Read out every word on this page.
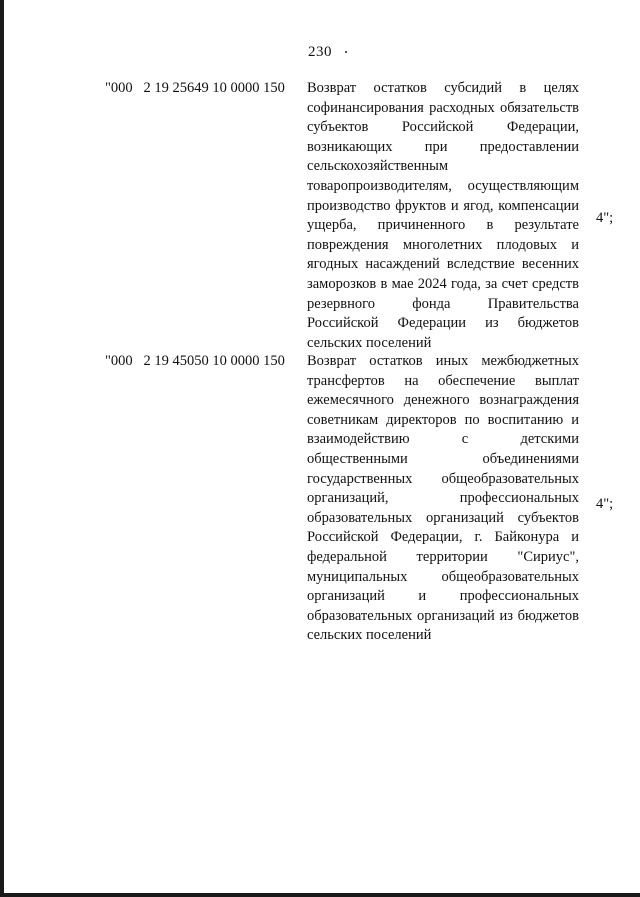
230
"000   2 19 25649 10 0000 150 Возврат остатков субсидий в целях софинансирования расходных обязательств субъектов Российской Федерации, возникающих при предоставлении сельскохозяйственным товаропроизводителям, осуществляющим производство фруктов и ягод, компенсации ущерба, причиненного в результате повреждения многолетних плодовых и ягодных насаждений вследствие весенних заморозков в мае 2024 года, за счет средств резервного фонда Правительства Российской Федерации из бюджетов сельских поселений
4";
"000   2 19 45050 10 0000 150 Возврат остатков иных межбюджетных трансфертов на обеспечение выплат ежемесячного денежного вознаграждения советникам директоров по воспитанию и взаимодействию с детскими общественными объединениями государственных общеобразовательных организаций, профессиональных образовательных организаций субъектов Российской Федерации, г. Байконура и федеральной территории "Сириус", муниципальных общеобразовательных организаций и профессиональных образовательных организаций из бюджетов сельских поселений
4";
